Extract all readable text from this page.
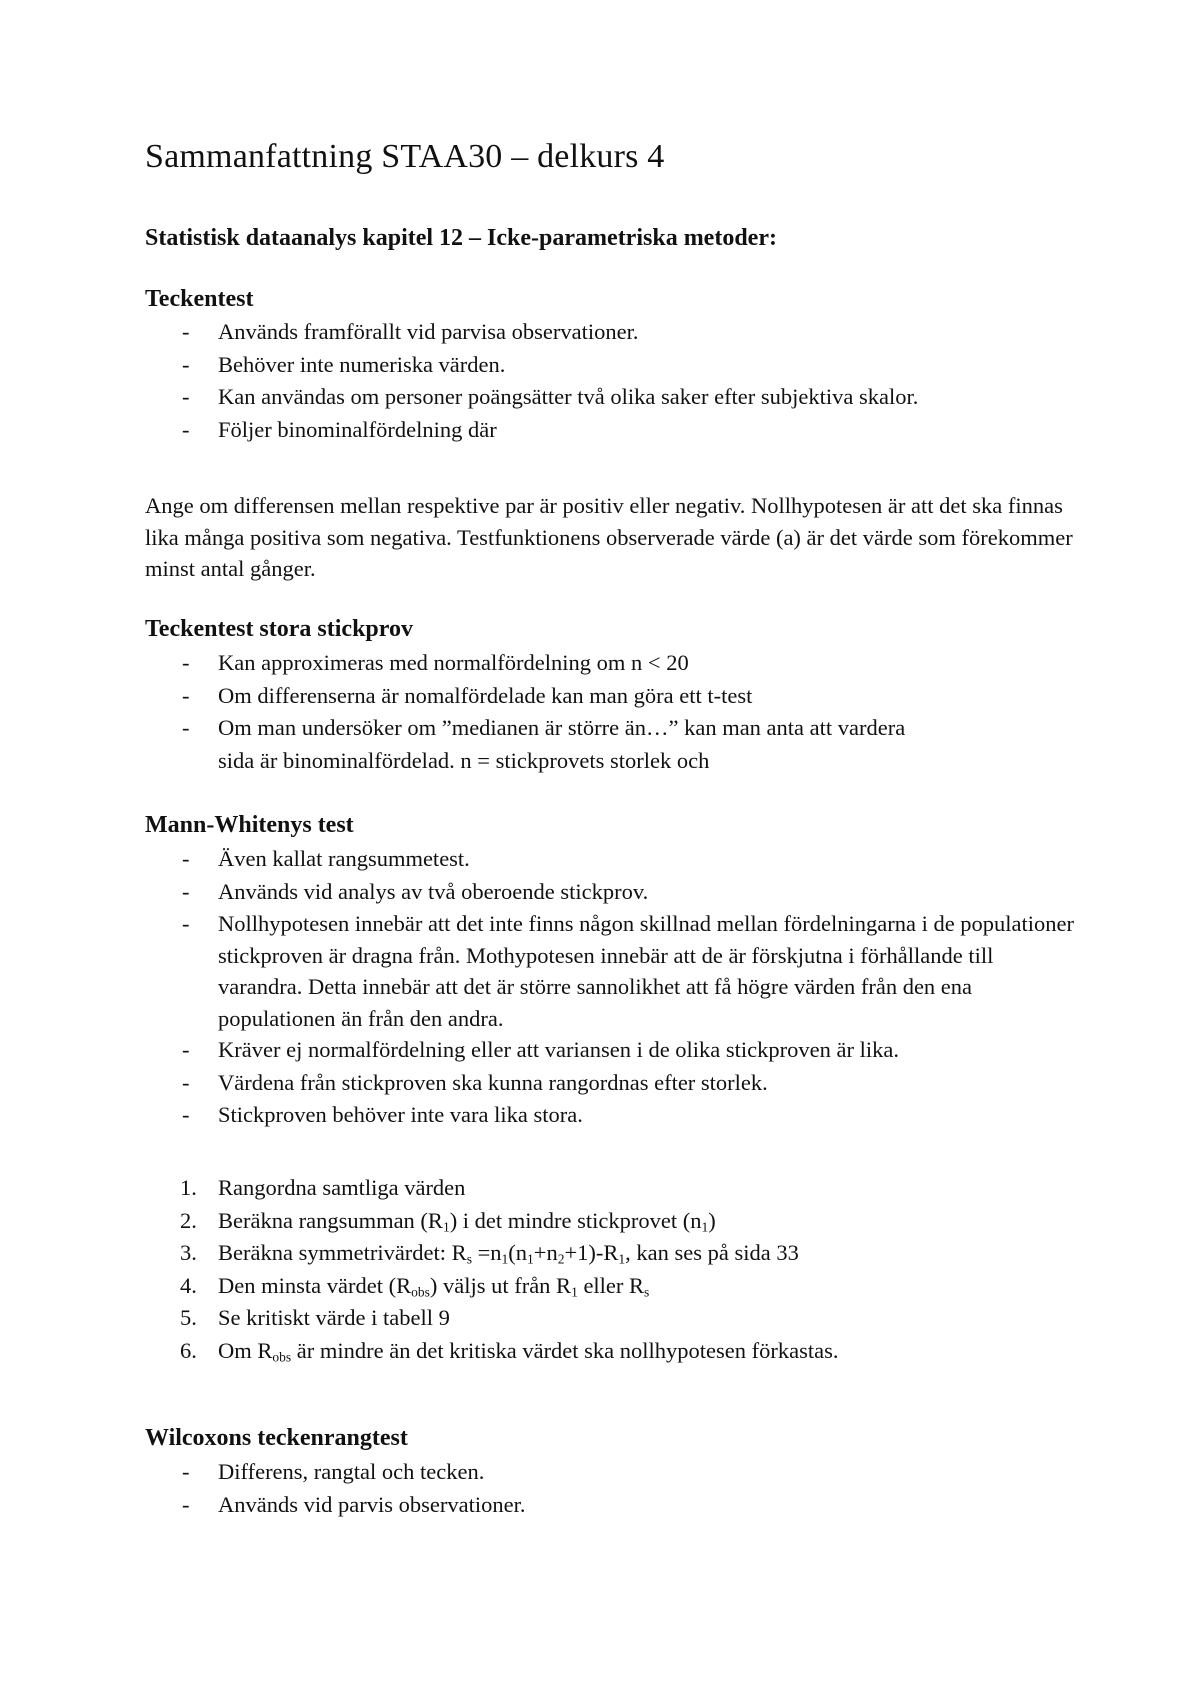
Sammanfattning STAA30 – delkurs 4
Statistisk dataanalys kapitel 12 – Icke-parametriska metoder:
Teckentest
- Används framförallt vid parvisa observationer.
- Behöver inte numeriska värden.
- Kan användas om personer poängsätter två olika saker efter subjektiva skalor.
- Följer binominalfördelning där
Ange om differensen mellan respektive par är positiv eller negativ. Nollhypotesen är att det ska finnas lika många positiva som negativa. Testfunktionens observerade värde (a) är det värde som förekommer minst antal gånger.
Teckentest stora stickprov
- Kan approximeras med normalfördelning om n < 20
- Om differenserna är nomalfördelade kan man göra ett t-test
- Om man undersöker om ”medianen är större än…” kan man anta att vardera sida är binominalfördelad. n = stickprovets storlek och
Mann-Whitenys test
- Även kallat rangsummetest.
- Används vid analys av två oberoende stickprov.
- Nollhypotesen innebär att det inte finns någon skillnad mellan fördelningarna i de populationer stickproven är dragna från. Mothypotesen innebär att de är förskjutna i förhållande till varandra. Detta innebär att det är större sannolikhet att få högre värden från den ena populationen än från den andra.
- Kräver ej normalfördelning eller att variansen i de olika stickproven är lika.
- Värdena från stickproven ska kunna rangordnas efter storlek.
- Stickproven behöver inte vara lika stora.
1. Rangordna samtliga värden
2. Beräkna rangsumman $(R_1)$ i det mindre stickprovet $(n_1)$
3. Beräkna symmetrivärdet: $R_s =n_1(n_1+n_2+1)-R_1$, kan ses på sida 33
4. Den minsta värdet $(R_{obs})$ väljs ut från $R_1$ eller $R_s$
5. Se kritiskt värde i tabell 9
6. Om $R_{obs}$ är mindre än det kritiska värdet ska nollhypotesen förkastas.
Wilcoxons teckenrangtest
- Differens, rangtal och tecken.
- Används vid parvis observationer.
